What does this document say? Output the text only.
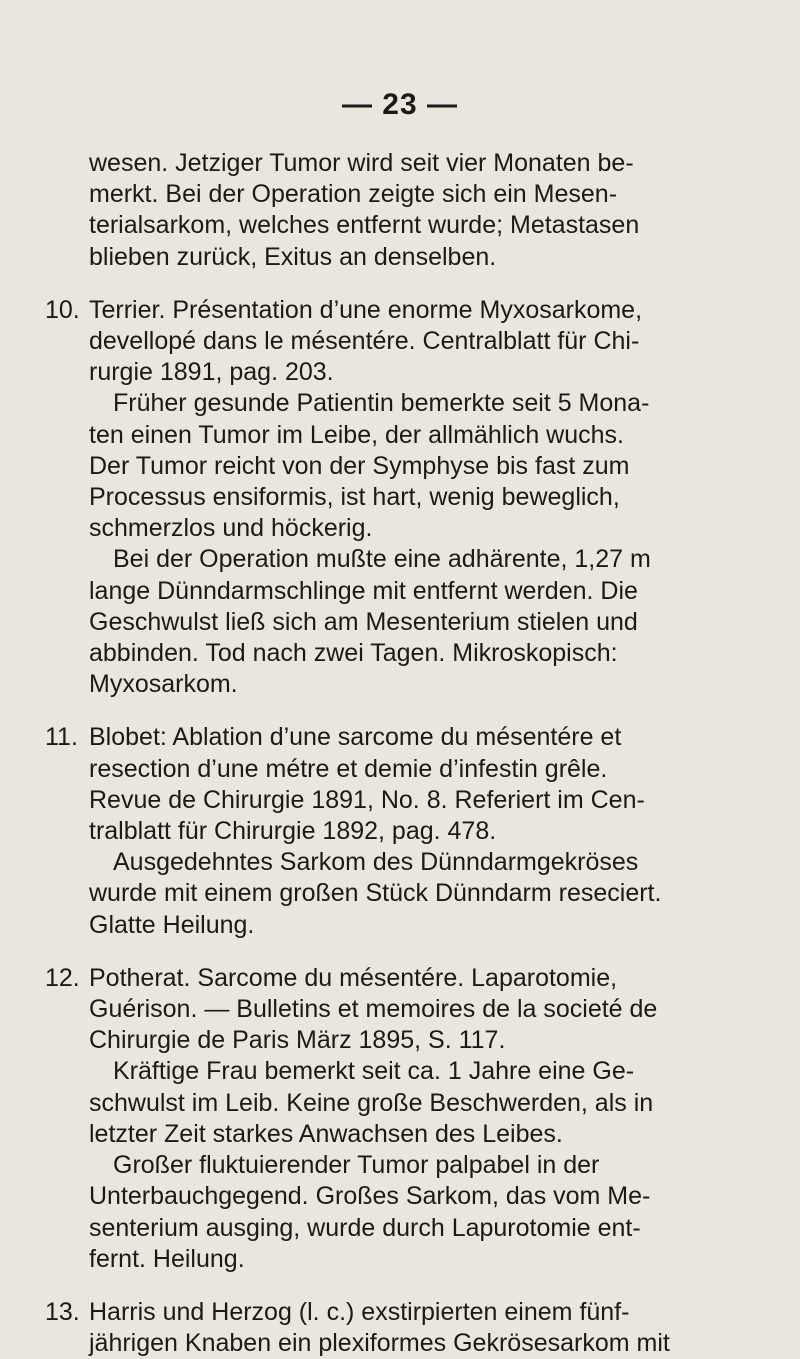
— 23 —
wesen. Jetziger Tumor wird seit vier Monaten be-
merkt. Bei der Operation zeigte sich ein Mesen-
terialsarkom, welches entfernt wurde; Metastasen
blieben zurück, Exitus an denselben.
10. Terrier. Présentation d’une enorme Myxosarkome,
devellopé dans le mésentére. Centralblatt für Chi-
rurgie 1891, pag. 203.
Früher gesunde Patientin bemerkte seit 5 Mona-
ten einen Tumor im Leibe, der allmählich wuchs.
Der Tumor reicht von der Symphyse bis fast zum
Processus ensiformis, ist hart, wenig beweglich,
schmerzlos und höckerig.
Bei der Operation mußte eine adhärente, 1,27 m
lange Dünndarmschlinge mit entfernt werden. Die
Geschwulst ließ sich am Mesenterium stielen und
abbinden. Tod nach zwei Tagen. Mikroskopisch:
Myxosarkom.
11. Blobet: Ablation d’une sarcome du mésentére et
resection d’une métre et demie d’infestin grêle.
Revue de Chirurgie 1891, No. 8. Referiert im Cen-
tralblatt für Chirurgie 1892, pag. 478.
Ausgedehntes Sarkom des Dünndarmgekröses
wurde mit einem großen Stück Dünndarm reseciert.
Glatte Heilung.
12. Potherat. Sarcome du mésentére. Laparotomie,
Guérison. — Bulletins et memoires de la societé de
Chirurgie de Paris März 1895, S. 117.
Kräftige Frau bemerkt seit ca. 1 Jahre eine Ge-
schwulst im Leib. Keine große Beschwerden, als in
letzter Zeit starkes Anwachsen des Leibes.
Großer fluktuierender Tumor palpabel in der
Unterbauchgegend. Großes Sarkom, das vom Me-
senterium ausging, wurde durch Lapurotomie ent-
fernt. Heilung.
13. Harris und Herzog (l. c.) exstirpierten einem fünf-
jährigen Knaben ein plexiformes Gekrösesarkom mit
